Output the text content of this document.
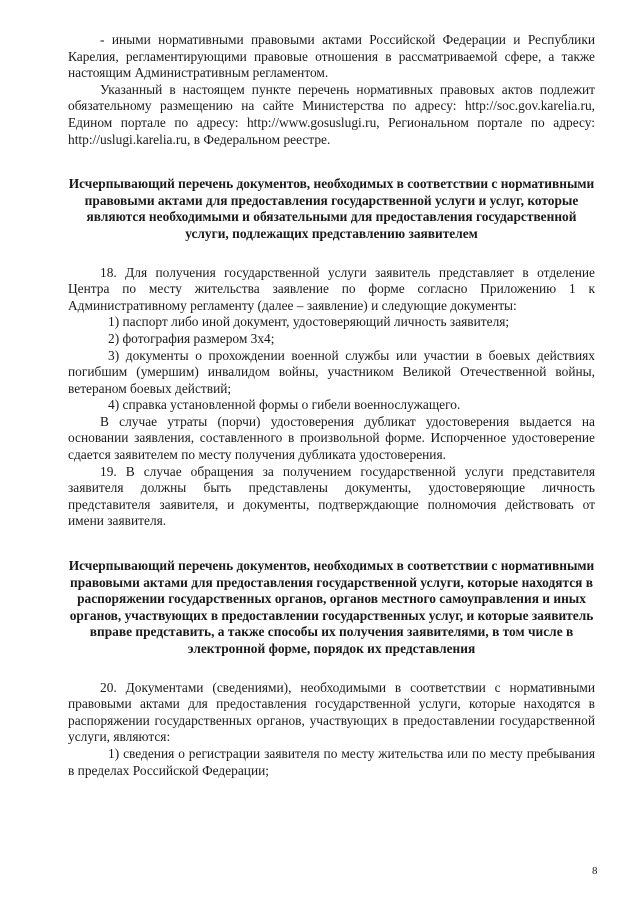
- иными нормативными правовыми актами Российской Федерации и Республики Карелия, регламентирующими правовые отношения в рассматриваемой сфере, а также настоящим Административным регламентом.

Указанный в настоящем пункте перечень нормативных правовых актов подлежит обязательному размещению на сайте Министерства по адресу: http://soc.gov.karelia.ru, Едином портале по адресу: http://www.gosuslugi.ru, Региональном портале по адресу: http://uslugi.karelia.ru, в Федеральном реестре.

Исчерпывающий перечень документов, необходимых в соответствии с нормативными правовыми актами для предоставления государственной услуги и услуг, которые являются необходимыми и обязательными для предоставления государственной услуги, подлежащих представлению заявителем

18. Для получения государственной услуги заявитель представляет в отделение Центра по месту жительства заявление по форме согласно Приложению 1 к Административному регламенту (далее – заявление) и следующие документы:

1) паспорт либо иной документ, удостоверяющий личность заявителя;

2) фотография размером 3x4;

3) документы о прохождении военной службы или участии в боевых действиях погибшим (умершим) инвалидом войны, участником Великой Отечественной войны, ветераном боевых действий;

4) справка установленной формы о гибели военнослужащего.

В случае утраты (порчи) удостоверения дубликат удостоверения выдается на основании заявления, составленного в произвольной форме. Испорченное удостоверение сдается заявителем по месту получения дубликата удостоверения.

19. В случае обращения за получением государственной услуги представителя заявителя должны быть представлены документы, удостоверяющие личность представителя заявителя, и документы, подтверждающие полномочия действовать от имени заявителя.

Исчерпывающий перечень документов, необходимых в соответствии с нормативными правовыми актами для предоставления государственной услуги, которые находятся в распоряжении государственных органов, органов местного самоуправления и иных органов, участвующих в предоставлении государственных услуг, и которые заявитель вправе представить, а также способы их получения заявителями, в том числе в электронной форме, порядок их представления

20. Документами (сведениями), необходимыми в соответствии с нормативными правовыми актами для предоставления государственной услуги, которые находятся в распоряжении государственных органов, участвующих в предоставлении государственной услуги, являются:

1) сведения о регистрации заявителя по месту жительства или по месту пребывания в пределах Российской Федерации;

8
